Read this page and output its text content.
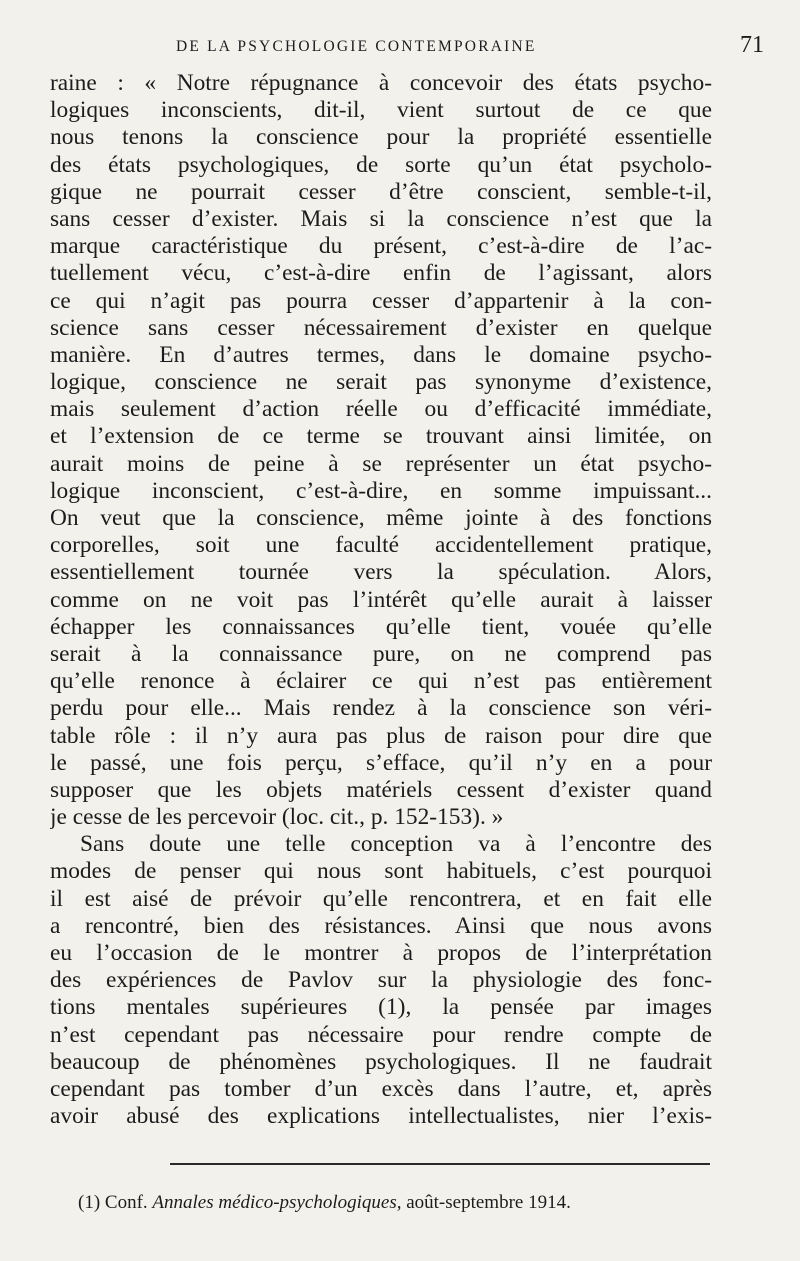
DE LA PSYCHOLOGIE CONTEMPORAINE	71
raine : « Notre répugnance à concevoir des états psycho-
logiques inconscients, dit-il, vient surtout de ce que
nous tenons la conscience pour la propriété essentielle
des états psychologiques, de sorte qu’un état psycholo-
gique ne pourrait cesser d’être conscient, semble-t-il,
sans cesser d’exister. Mais si la conscience n’est que la
marque caractéristique du présent, c’est-à-dire de l’ac-
tuellement vécu, c’est-à-dire enfin de l’agissant, alors
ce qui n’agit pas pourra cesser d’appartenir à la con-
science sans cesser nécessairement d’exister en quelque
manière. En d’autres termes, dans le domaine psycho-
logique, conscience ne serait pas synonyme d’existence,
mais seulement d’action réelle ou d’efficacité immédiate,
et l’extension de ce terme se trouvant ainsi limitée, on
aurait moins de peine à se représenter un état psycho-
logique inconscient, c’est-à-dire, en somme impuissant...
On veut que la conscience, même jointe à des fonctions
corporelles, soit une faculté accidentellement pratique,
essentiellement tournée vers la spéculation. Alors,
comme on ne voit pas l’intérêt qu’elle aurait à laisser
échapper les connaissances qu’elle tient, vouée qu’elle
serait à la connaissance pure, on ne comprend pas
qu’elle renonce à éclairer ce qui n’est pas entièrement
perdu pour elle... Mais rendez à la conscience son véri-
table rôle : il n’y aura pas plus de raison pour dire que
le passé, une fois perçu, s’efface, qu’il n’y en a pour
supposer que les objets matériels cessent d’exister quand
je cesse de les percevoir (loc. cit., p. 152-153). »
Sans doute une telle conception va à l’encontre des
modes de penser qui nous sont habituels, c’est pourquoi
il est aisé de prévoir qu’elle rencontrera, et en fait elle
a rencontré, bien des résistances. Ainsi que nous avons
eu l’occasion de le montrer à propos de l’interprétation
des expériences de Pavlov sur la physiologie des fonc-
tions mentales supérieures (1), la pensée par images
n’est cependant pas nécessaire pour rendre compte de
beaucoup de phénomènes psychologiques. Il ne faudrait
cependant pas tomber d’un excès dans l’autre, et, après
avoir abusé des explications intellectualistes, nier l’exis-
(1) Conf. Annales médico-psychologiques, août-septembre 1914.
